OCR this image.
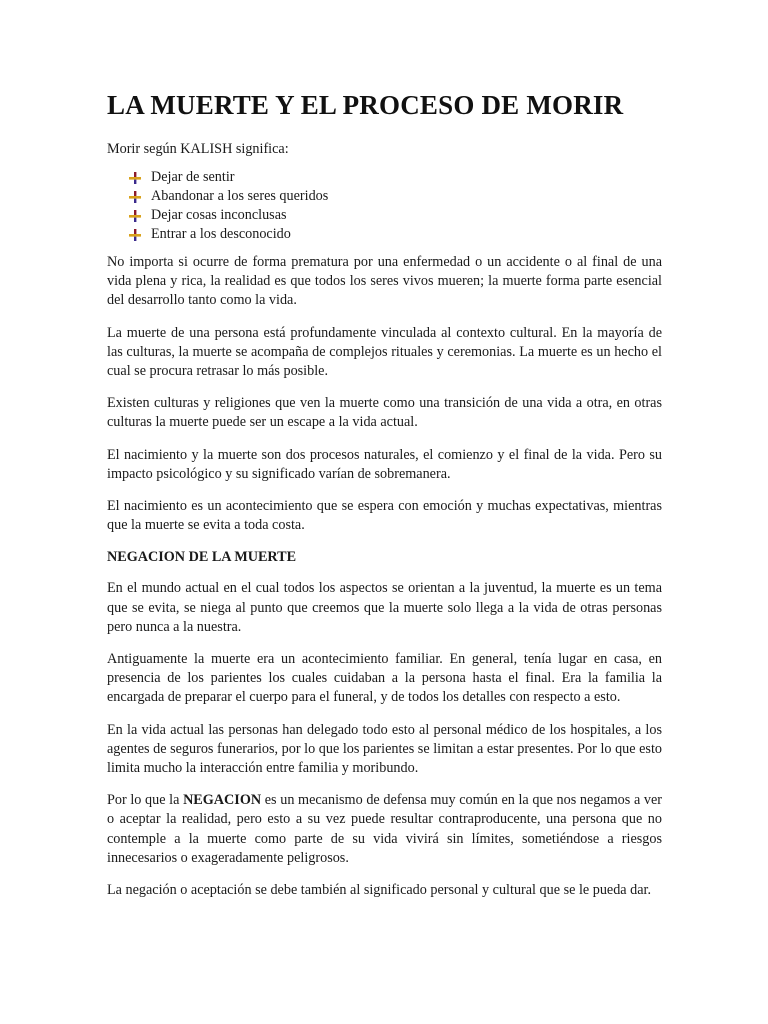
LA MUERTE Y EL PROCESO DE MORIR

Morir según KALISH significa:

Dejar de sentir
Abandonar a los seres queridos
Dejar cosas inconclusas
Entrar a los desconocido

No importa si ocurre de forma prematura por una enfermedad o un accidente o al final de una vida plena y rica, la realidad es que todos los seres vivos mueren; la muerte forma parte esencial del desarrollo tanto como la vida.

La muerte de una persona está profundamente vinculada al contexto cultural. En la mayoría de las culturas, la muerte se acompaña de complejos rituales y ceremonias. La muerte es un hecho el cual se procura retrasar lo más posible.

Existen culturas y religiones que ven la muerte como una transición de una vida a otra, en otras culturas la muerte puede ser un escape a la vida actual.

El nacimiento y la muerte son dos procesos naturales, el comienzo y el final de la vida. Pero su impacto psicológico y su significado varían de sobremanera.

El nacimiento es un acontecimiento que se espera con emoción y muchas expectativas, mientras que la muerte se evita a toda costa.

NEGACION DE LA MUERTE

En el mundo actual en el cual todos los aspectos se orientan a la juventud, la muerte es un tema que se evita, se niega al punto que creemos que la muerte solo llega a la vida de otras personas pero nunca a la nuestra.

Antiguamente la muerte era un acontecimiento familiar. En general, tenía lugar en casa, en presencia de los parientes los cuales cuidaban a la persona hasta el final. Era la familia la encargada de preparar el cuerpo para el funeral, y de todos los detalles con respecto a esto.

En la vida actual las personas han delegado todo esto al personal médico de los hospitales, a los agentes de seguros funerarios, por lo que los parientes se limitan a estar presentes. Por lo que esto limita mucho la interacción entre familia y moribundo.

Por lo que la NEGACION es un mecanismo de defensa muy común en la que nos negamos a ver o aceptar la realidad, pero esto a su vez puede resultar contraproducente, una persona que no contemple a la muerte como parte de su vida vivirá sin límites, sometiéndose a riesgos innecesarios o exageradamente peligrosos.

La negación o aceptación se debe también al significado personal y cultural que se le pueda dar.
